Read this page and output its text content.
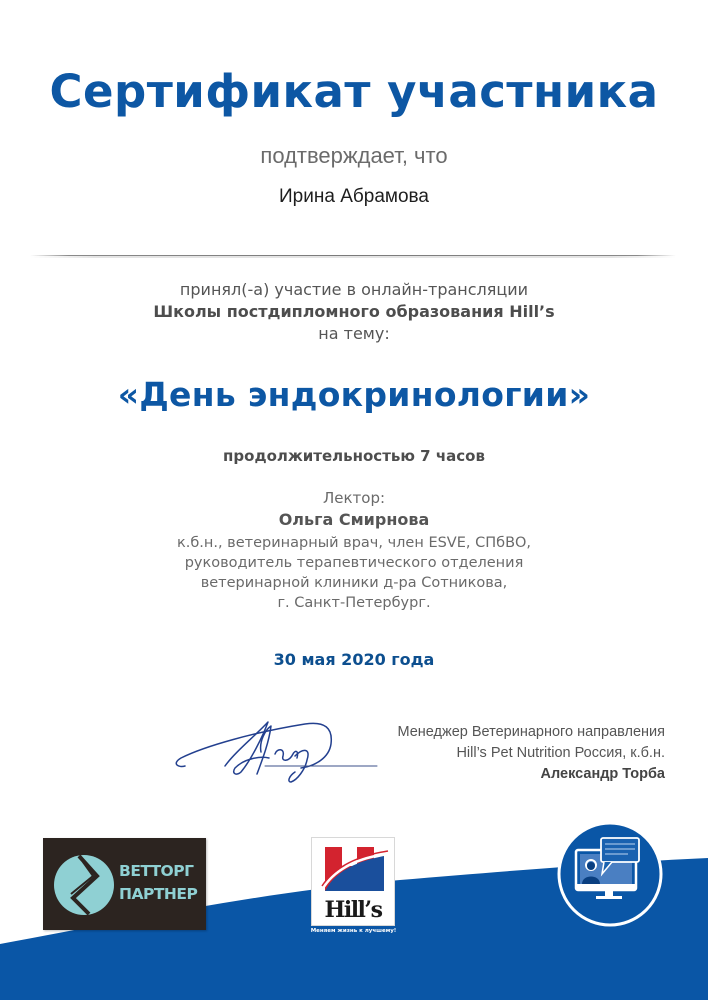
Сертификат участника
подтверждает, что
Ирина Абрамова
принял(-а) участие в онлайн-трансляции
Школы постдипломного образования Hill’s
на тему:
«День эндокринологии»
продолжительностью 7 часов
Лектор:
Ольга Смирнова
к.б.н., ветеринарный врач, член ESVE, СПбВО,
руководитель терапевтического отделения
ветеринарной клиники д-ра Сотникова,
г. Санкт-Петербург.
30 мая 2020 года
Менеджер Ветеринарного направления
Hill’s Pet Nutrition Россия, к.б.н.
Александр Торба
ВЕТТОРГ
ПАРТНЕР
Hill’s
Меняем жизнь к лучшему!
